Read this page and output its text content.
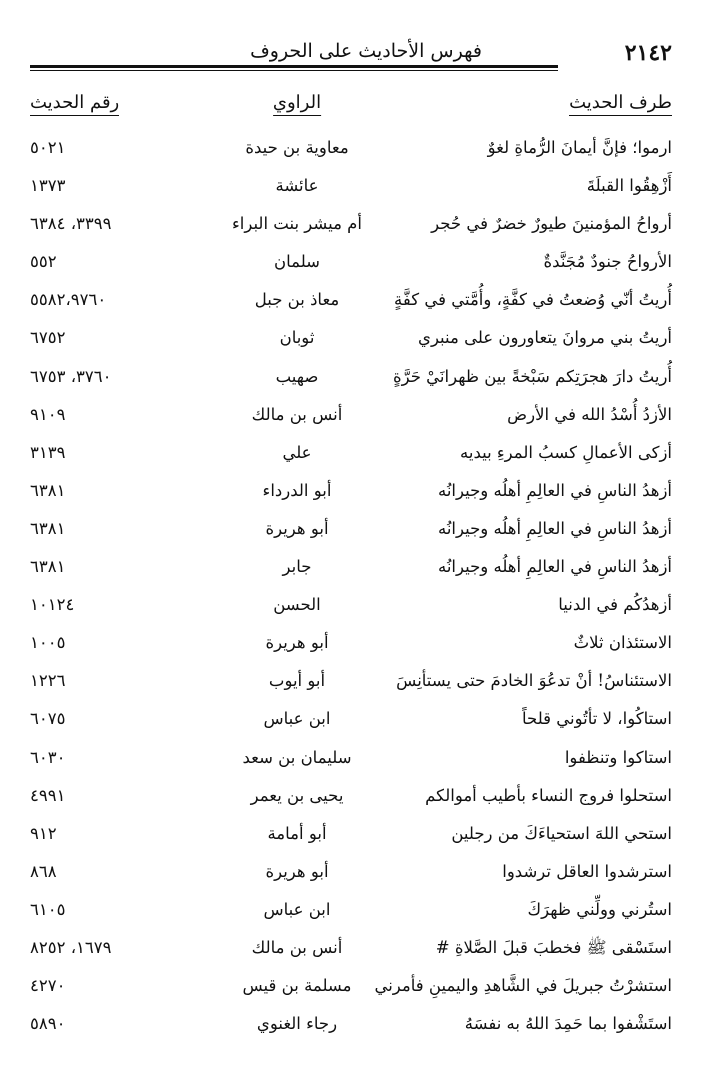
٢١٤٢
فهرس الأحاديث على الحروف
طرف الحديث
الراوي
رقم الحديث
ارموا؛ فإنَّ أيمانَ الرُّماةِ لغوٌ
معاوية بن حيدة
٥٠٢١
أَزْهِقُوا القبلَةَ
عائشة
١٣٧٣
أرواحُ المؤمنينَ طيورٌ خضرٌ في حُجر
أم ميشر بنت البراء
٣٣٩٩، ٦٣٨٤
الأرواحُ جنودٌ مُجَنَّدةٌ
سلمان
٥٥٢
أُريتُ أنّي وُضعتُ في كفَّةٍ، وأُمَّتي في كفَّةٍ
معاذ بن جبل
٥٥٨٢،٩٧٦٠
أريتُ بني مروانَ يتعاورون على منبري
ثوبان
٦٧٥٢
أُريتُ دارَ هجرَتِكم سَبْخةً بين ظهرانَيْ حَرَّةٍ
صهيب
٣٧٦٠، ٦٧٥٣
الأزدُ أُسْدُ الله في الأرض
أنس بن مالك
٩١٠٩
أزكى الأعمالِ كسبُ المرءِ بيديه
علي
٣١٣٩
أزهدُ الناسِ في العالِمِ أهلُه وجيرانُه
أبو الدرداء
٦٣٨١
أزهدُ الناسِ في العالِمِ أهلُه وجيرانُه
أبو هريرة
٦٣٨١
أزهدُ الناسِ في العالِمِ أهلُه وجيرانُه
جابر
٦٣٨١
أزهدُكُم في الدنيا
الحسن
١٠١٢٤
الاستئذان ثلاثٌ
أبو هريرة
١٠٠٥
الاستئناسُ! أنْ تدعُوَ الخادمَ حتى يستأنِسَ
أبو أيوب
١٢٢٦
استاكُوا، لا تأتُوني قلحاً
ابن عباس
٦٠٧٥
استاكوا وتنظفوا
سليمان بن سعد
٦٠٣٠
استحلوا فروج النساء بأطيب أموالكم
يحيى بن يعمر
٤٩٩١
استحي اللهَ استحياءَكَ من رجلين
أبو أمامة
٩١٢
استرشدوا العاقل ترشدوا
أبو هريرة
٨٦٨
استُرني وولِّني ظهرَكَ
ابن عباس
٦١٠٥
استَسْقى ﷺ فخطبَ قبلَ الصَّلاةِ #
أنس بن مالك
١٦٧٩، ٨٢٥٢
استشرْتُ جبريلَ في الشَّاهدِ واليمينِ فأمرني
مسلمة بن قيس
٤٢٧٠
استَشْفوا بما حَمِدَ اللهُ به نفسَهُ
رجاء الغنوي
٥٨٩٠
